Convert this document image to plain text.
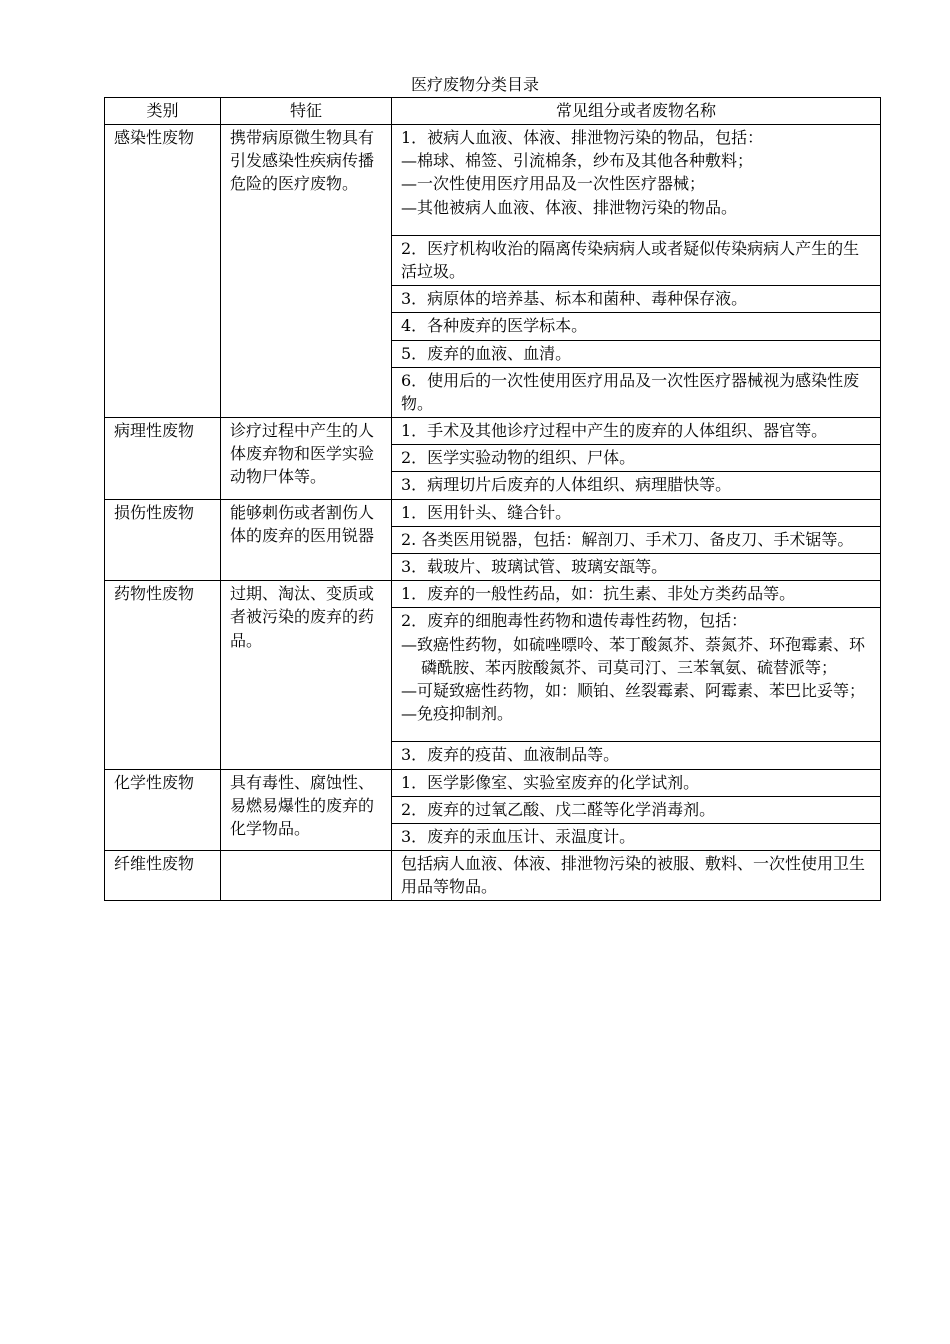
医疗废物分类目录
类别	特征	常见组分或者废物名称
感染性废物	携带病原微生物具有引发感染性疾病传播危险的医疗废物。	1．被病人血液、体液、排泄物污染的物品，包括：
—棉球、棉签、引流棉条，纱布及其他各种敷料；
—一次性使用医疗用品及一次性医疗器械；
—其他被病人血液、体液、排泄物污染的物品。

		2．医疗机构收治的隔离传染病病人或者疑似传染病病人产生的生活垃圾。

		3．病原体的培养基、标本和菌种、毒种保存液。

		4．各种废弃的医学标本。

		5．废弃的血液、血清。

		6．使用后的一次性使用医疗用品及一次性医疗器械视为感染性废物。

病理性废物	诊疗过程中产生的人体废弃物和医学实验动物尸体等。	1．手术及其他诊疗过程中产生的废弃的人体组织、器官等。

		2．医学实验动物的组织、尸体。

		3．病理切片后废弃的人体组织、病理腊快等。

损伤性废物	能够刺伤或者割伤人体的废弃的医用锐器	1．医用针头、缝合针。

		2. 各类医用锐器，包括：解剖刀、手术刀、备皮刀、手术锯等。

		3．载玻片、玻璃试管、玻璃安瓿等。

药物性废物	过期、淘汰、变质或者被污染的废弃的药品。	1．废弃的一般性药品，如：抗生素、非处方类药品等。

		2．废弃的细胞毒性药物和遗传毒性药物，包括：
—致癌性药物，如硫唑嘌呤、苯丁酸氮芥、萘氮芥、环孢霉素、环磷酰胺、苯丙胺酸氮芥、司莫司汀、三苯氧氨、硫替派等；
—可疑致癌性药物，如：顺铂、丝裂霉素、阿霉素、苯巴比妥等；
—免疫抑制剂。

		3．废弃的疫苗、血液制品等。

化学性废物	具有毒性、腐蚀性、易燃易爆性的废弃的化学物品。	1．医学影像室、实验室废弃的化学试剂。

		2．废弃的过氧乙酸、戊二醛等化学消毒剂。

		3．废弃的汞血压计、汞温度计。

纤维性废物		包括病人血液、体液、排泄物污染的被服、敷料、一次性使用卫生用品等物品。
